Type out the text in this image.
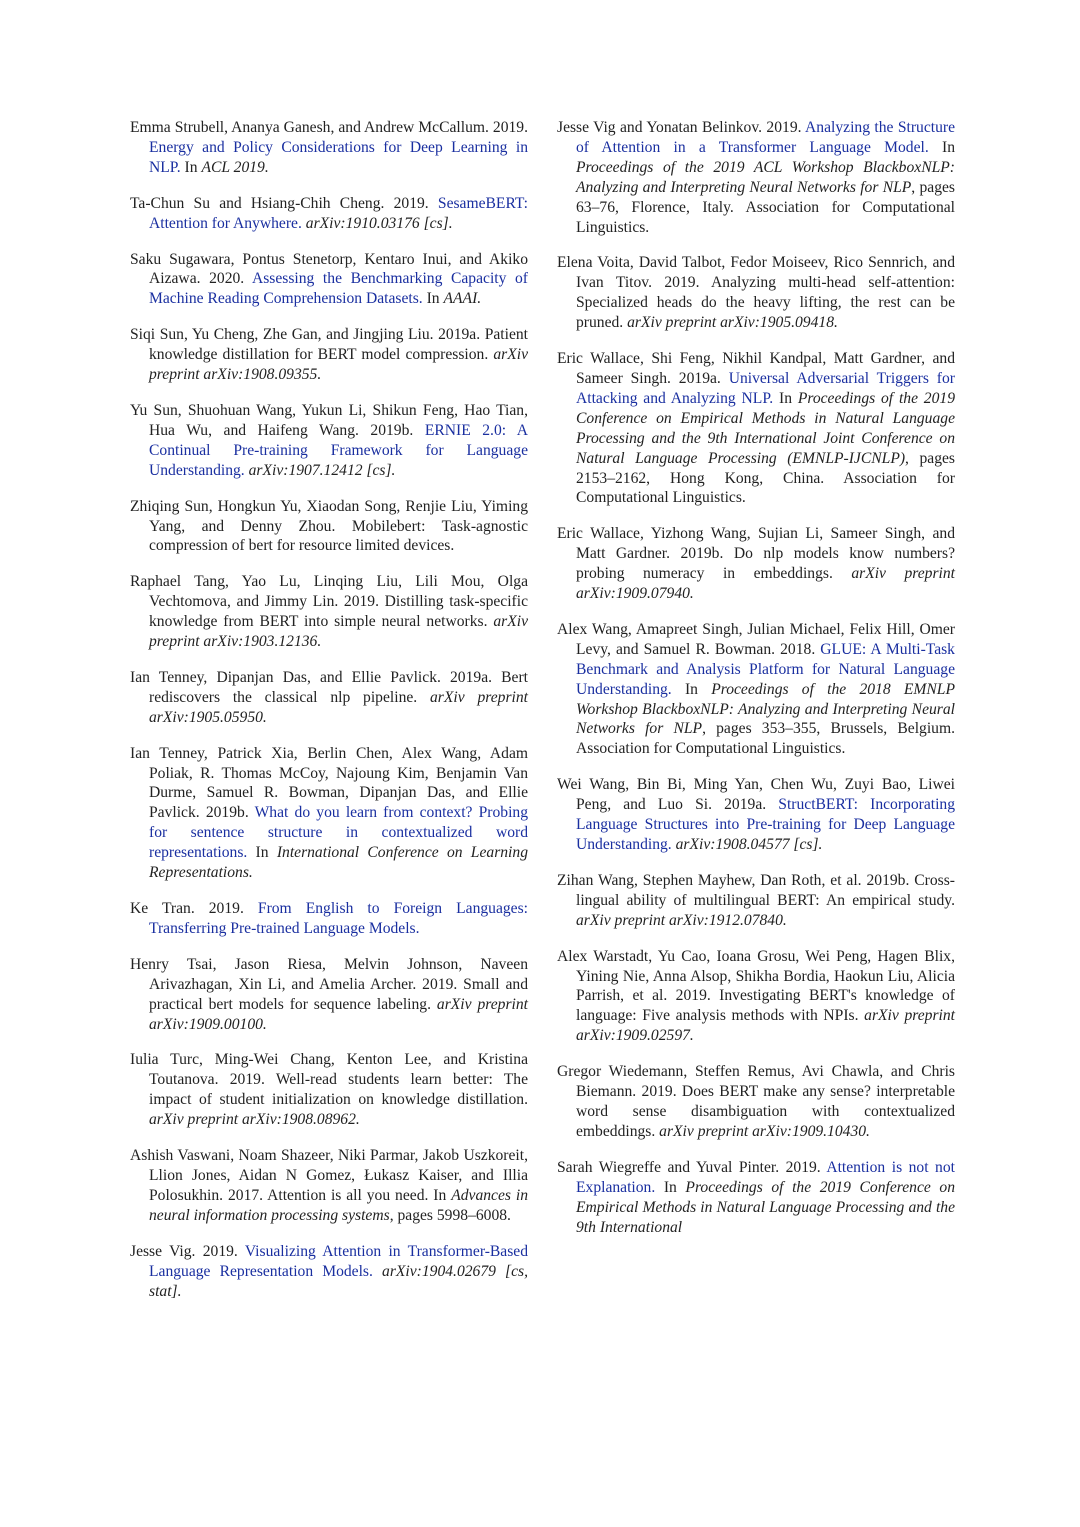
Emma Strubell, Ananya Ganesh, and Andrew McCallum. 2019. Energy and Policy Considerations for Deep Learning in NLP. In ACL 2019.

Ta-Chun Su and Hsiang-Chih Cheng. 2019. SesameBERT: Attention for Anywhere. arXiv:1910.03176 [cs].

Saku Sugawara, Pontus Stenetorp, Kentaro Inui, and Akiko Aizawa. 2020. Assessing the Benchmarking Capacity of Machine Reading Comprehension Datasets. In AAAI.

Siqi Sun, Yu Cheng, Zhe Gan, and Jingjing Liu. 2019a. Patient knowledge distillation for BERT model compression. arXiv preprint arXiv:1908.09355.

Yu Sun, Shuohuan Wang, Yukun Li, Shikun Feng, Hao Tian, Hua Wu, and Haifeng Wang. 2019b. ERNIE 2.0: A Continual Pre-training Framework for Language Understanding. arXiv:1907.12412 [cs].

Zhiqing Sun, Hongkun Yu, Xiaodan Song, Renjie Liu, Yiming Yang, and Denny Zhou. Mobilebert: Task-agnostic compression of bert for resource limited devices.

Raphael Tang, Yao Lu, Linqing Liu, Lili Mou, Olga Vechtomova, and Jimmy Lin. 2019. Distilling task-specific knowledge from BERT into simple neural networks. arXiv preprint arXiv:1903.12136.

Ian Tenney, Dipanjan Das, and Ellie Pavlick. 2019a. Bert rediscovers the classical nlp pipeline. arXiv preprint arXiv:1905.05950.

Ian Tenney, Patrick Xia, Berlin Chen, Alex Wang, Adam Poliak, R. Thomas McCoy, Najoung Kim, Benjamin Van Durme, Samuel R. Bowman, Dipanjan Das, and Ellie Pavlick. 2019b. What do you learn from context? Probing for sentence structure in contextualized word representations. In International Conference on Learning Representations.

Ke Tran. 2019. From English to Foreign Languages: Transferring Pre-trained Language Models.

Henry Tsai, Jason Riesa, Melvin Johnson, Naveen Arivazhagan, Xin Li, and Amelia Archer. 2019. Small and practical bert models for sequence labeling. arXiv preprint arXiv:1909.00100.

Iulia Turc, Ming-Wei Chang, Kenton Lee, and Kristina Toutanova. 2019. Well-read students learn better: The impact of student initialization on knowledge distillation. arXiv preprint arXiv:1908.08962.

Ashish Vaswani, Noam Shazeer, Niki Parmar, Jakob Uszkoreit, Llion Jones, Aidan N Gomez, Łukasz Kaiser, and Illia Polosukhin. 2017. Attention is all you need. In Advances in neural information processing systems, pages 5998–6008.

Jesse Vig. 2019. Visualizing Attention in Transformer-Based Language Representation Models. arXiv:1904.02679 [cs, stat].

Jesse Vig and Yonatan Belinkov. 2019. Analyzing the Structure of Attention in a Transformer Language Model. In Proceedings of the 2019 ACL Workshop BlackboxNLP: Analyzing and Interpreting Neural Networks for NLP, pages 63–76, Florence, Italy. Association for Computational Linguistics.

Elena Voita, David Talbot, Fedor Moiseev, Rico Sennrich, and Ivan Titov. 2019. Analyzing multi-head self-attention: Specialized heads do the heavy lifting, the rest can be pruned. arXiv preprint arXiv:1905.09418.

Eric Wallace, Shi Feng, Nikhil Kandpal, Matt Gardner, and Sameer Singh. 2019a. Universal Adversarial Triggers for Attacking and Analyzing NLP. In Proceedings of the 2019 Conference on Empirical Methods in Natural Language Processing and the 9th International Joint Conference on Natural Language Processing (EMNLP-IJCNLP), pages 2153–2162, Hong Kong, China. Association for Computational Linguistics.

Eric Wallace, Yizhong Wang, Sujian Li, Sameer Singh, and Matt Gardner. 2019b. Do nlp models know numbers? probing numeracy in embeddings. arXiv preprint arXiv:1909.07940.

Alex Wang, Amapreet Singh, Julian Michael, Felix Hill, Omer Levy, and Samuel R. Bowman. 2018. GLUE: A Multi-Task Benchmark and Analysis Platform for Natural Language Understanding. In Proceedings of the 2018 EMNLP Workshop BlackboxNLP: Analyzing and Interpreting Neural Networks for NLP, pages 353–355, Brussels, Belgium. Association for Computational Linguistics.

Wei Wang, Bin Bi, Ming Yan, Chen Wu, Zuyi Bao, Liwei Peng, and Luo Si. 2019a. StructBERT: Incorporating Language Structures into Pre-training for Deep Language Understanding. arXiv:1908.04577 [cs].

Zihan Wang, Stephen Mayhew, Dan Roth, et al. 2019b. Cross-lingual ability of multilingual BERT: An empirical study. arXiv preprint arXiv:1912.07840.

Alex Warstadt, Yu Cao, Ioana Grosu, Wei Peng, Hagen Blix, Yining Nie, Anna Alsop, Shikha Bordia, Haokun Liu, Alicia Parrish, et al. 2019. Investigating BERT's knowledge of language: Five analysis methods with NPIs. arXiv preprint arXiv:1909.02597.

Gregor Wiedemann, Steffen Remus, Avi Chawla, and Chris Biemann. 2019. Does BERT make any sense? interpretable word sense disambiguation with contextualized embeddings. arXiv preprint arXiv:1909.10430.

Sarah Wiegreffe and Yuval Pinter. 2019. Attention is not not Explanation. In Proceedings of the 2019 Conference on Empirical Methods in Natural Language Processing and the 9th International
